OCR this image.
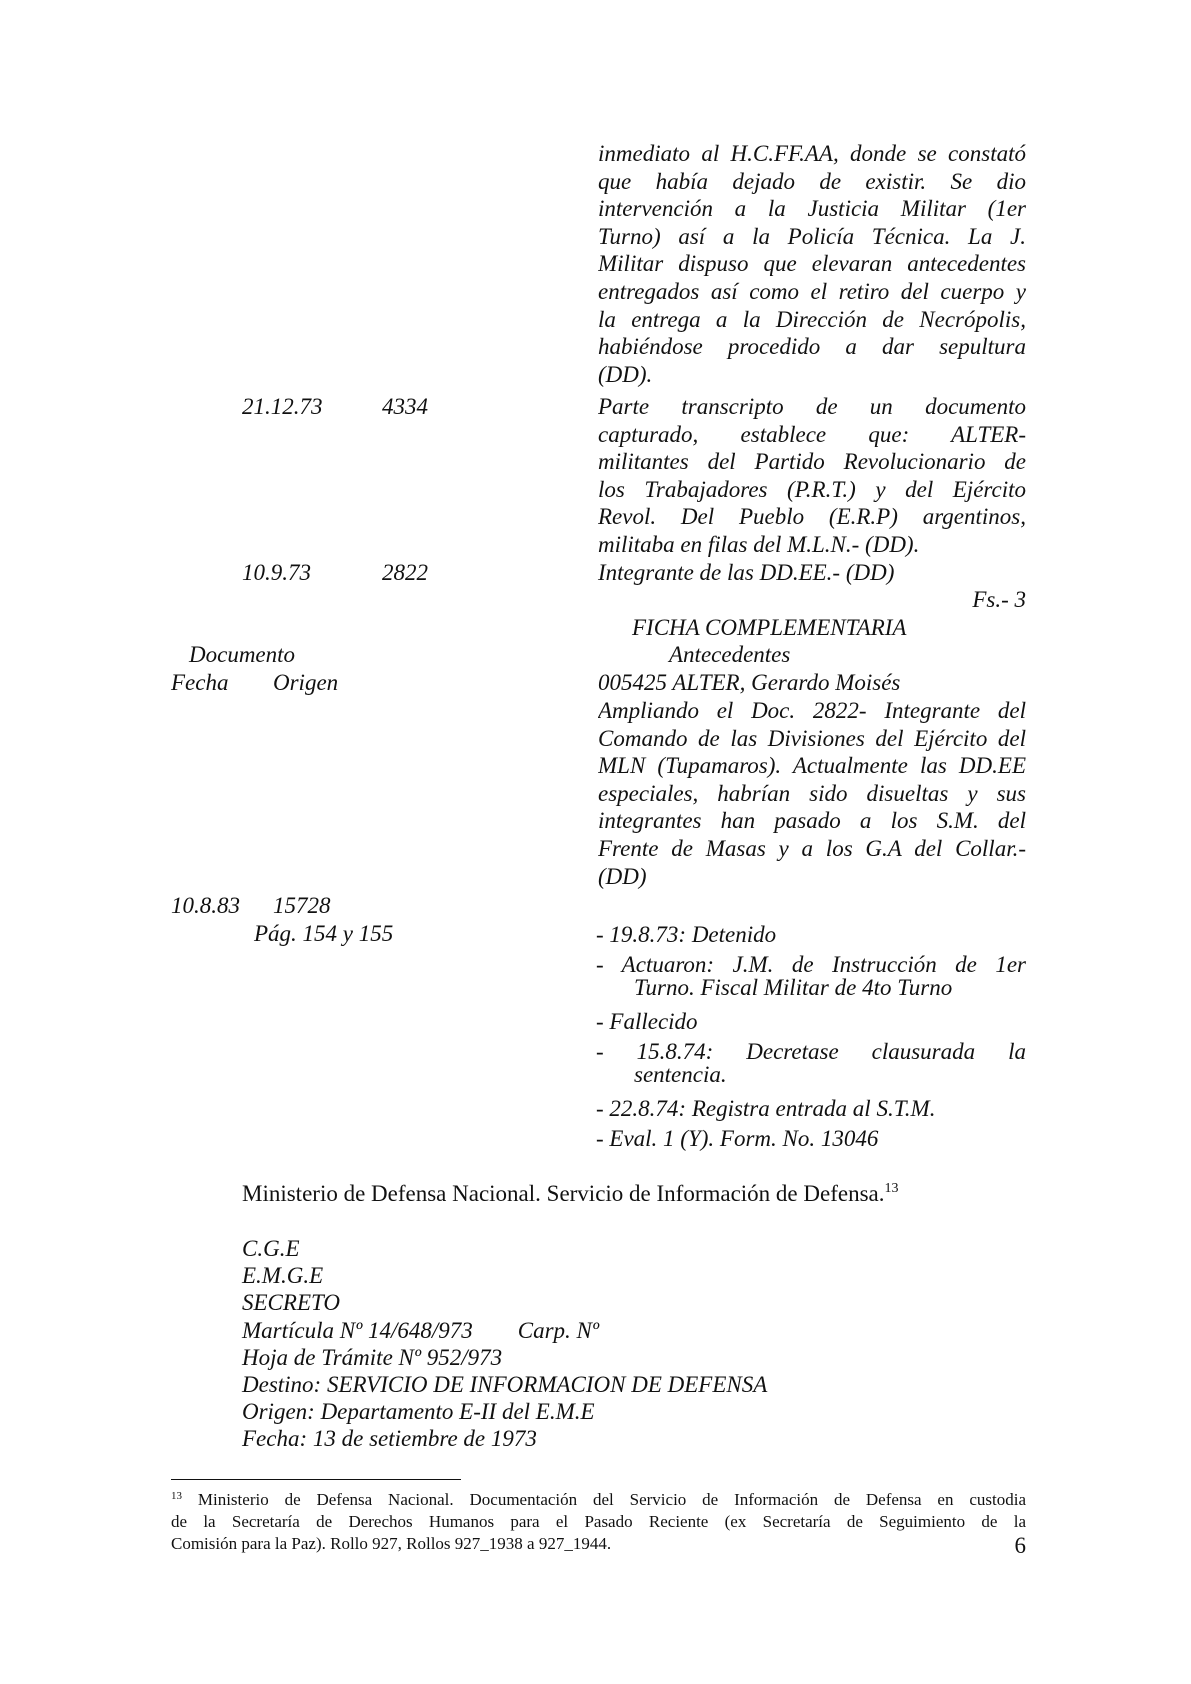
inmediato al H.C.FF.AA, donde se constató
que había dejado de existir. Se dio
intervención a la Justicia Militar (1er
Turno) así a la Policía Técnica. La J.
Militar dispuso que elevaran antecedentes
entregados así como el retiro del cuerpo y
la entrega a la Dirección de Necrópolis,
habiéndose procedido a dar sepultura
(DD).
21.12.73	4334	Parte transcripto de un documento
capturado, establece que: ALTER-
militantes del Partido Revolucionario de
los Trabajadores (P.R.T.) y del Ejército
Revol. Del Pueblo (E.R.P) argentinos,
militaba en filas del M.L.N.- (DD).
10.9.73	2822	Integrante de las DD.EE.- (DD)
Fs.- 3
FICHA COMPLEMENTARIA
Documento	Antecedentes
Fecha Origen	005425 ALTER, Gerardo Moisés
Ampliando el Doc. 2822- Integrante del
Comando de las Divisiones del Ejército del
MLN (Tupamaros). Actualmente las DD.EE
especiales, habrían sido disueltas y sus
integrantes han pasado a los S.M. del
Frente de Masas y a los G.A del Collar.-
(DD)
10.8.83 15728
Pág. 154 y 155	- 19.8.73: Detenido
- Actuaron: J.M. de Instrucción de 1er
Turno. Fiscal Militar de 4to Turno
- Fallecido
- 15.8.74: Decretase clausurada la
sentencia.
- 22.8.74: Registra entrada al S.T.M.
- Eval. 1 (Y). Form. No. 13046
Ministerio de Defensa Nacional. Servicio de Información de Defensa.$^{13}$
C.G.E
E.M.G.E
SECRETO
Martícula Nº 14/648/973 Carp. Nº
Hoja de Trámite Nº 952/973
Destino: SERVICIO DE INFORMACION DE DEFENSA
Origen: Departamento E-II del E.M.E
Fecha: 13 de setiembre de 1973
$^{13}$ Ministerio de Defensa Nacional. Documentación del Servicio de Información de Defensa en custodia
de la Secretaría de Derechos Humanos para el Pasado Reciente (ex Secretaría de Seguimiento de la
Comisión para la Paz). Rollo 927, Rollos 927_1938 a 927_1944.	6
